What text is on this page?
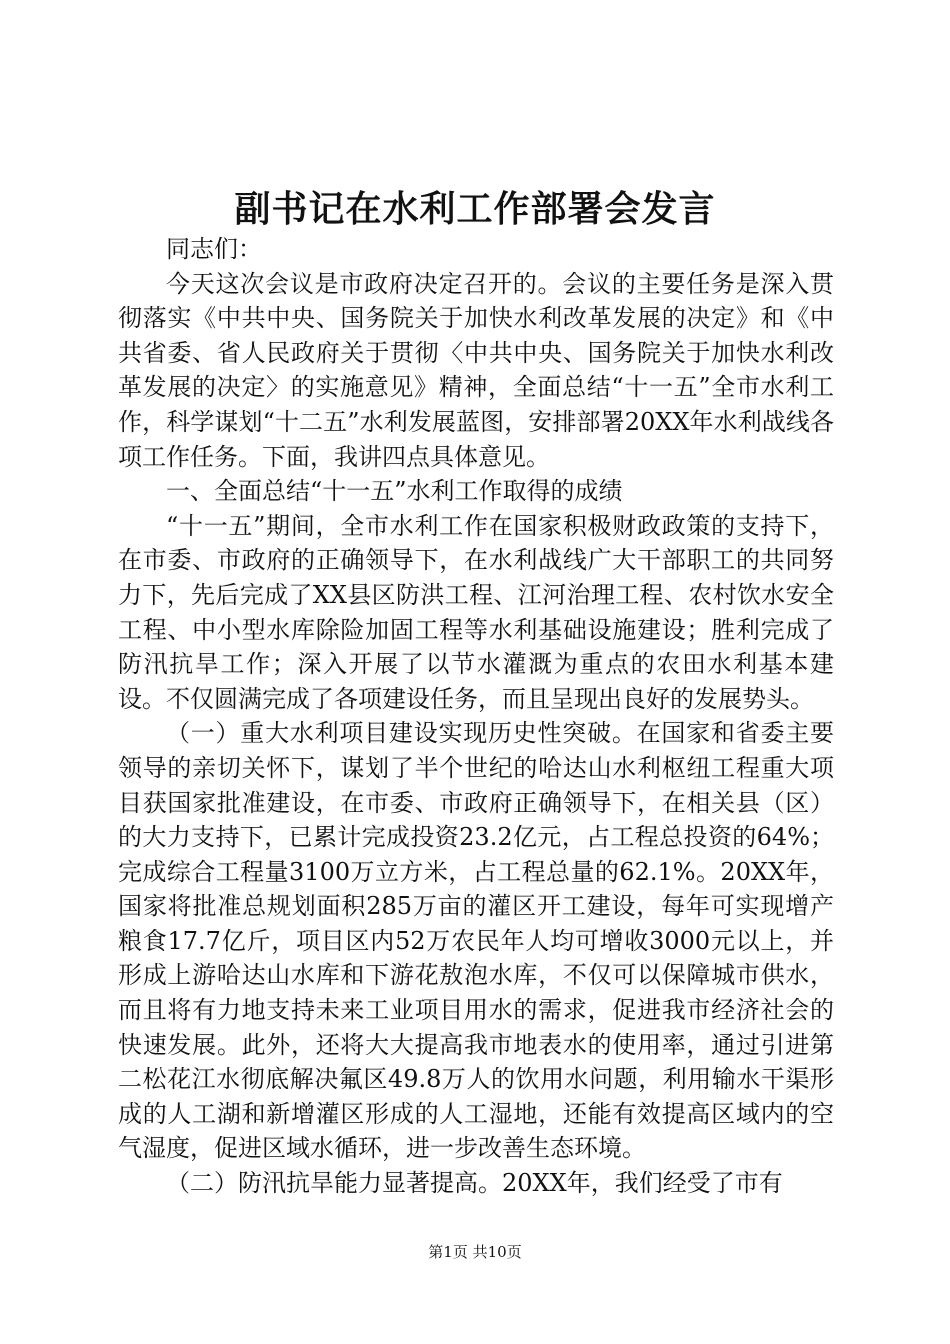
副书记在水利工作部署会发言

同志们：

今天这次会议是市政府决定召开的。会议的主要任务是深入贯彻落实《中共中央、国务院关于加快水利改革发展的决定》和《中共省委、省人民政府关于贯彻〈中共中央、国务院关于加快水利改革发展的决定〉的实施意见》精神，全面总结“十一五”全市水利工作，科学谋划“十二五”水利发展蓝图，安排部署20XX年水利战线各项工作任务。下面，我讲四点具体意见。

一、全面总结“十一五”水利工作取得的成绩

“十一五”期间，全市水利工作在国家积极财政政策的支持下，在市委、市政府的正确领导下，在水利战线广大干部职工的共同努力下，先后完成了XX县区防洪工程、江河治理工程、农村饮水安全工程、中小型水库除险加固工程等水利基础设施建设；胜利完成了防汛抗旱工作；深入开展了以节水灌溉为重点的农田水利基本建设。不仅圆满完成了各项建设任务，而且呈现出良好的发展势头。

（一）重大水利项目建设实现历史性突破。在国家和省委主要领导的亲切关怀下，谋划了半个世纪的哈达山水利枢纽工程重大项目获国家批准建设，在市委、市政府正确领导下，在相关县（区）的大力支持下，已累计完成投资23.2亿元，占工程总投资的64%；完成综合工程量3100万立方米，占工程总量的62.1%。20XX年，国家将批准总规划面积285万亩的灌区开工建设，每年可实现增产粮食17.7亿斤，项目区内52万农民年人均可增收3000元以上，并形成上游哈达山水库和下游花敖泡水库，不仅可以保障城市供水，而且将有力地支持未来工业项目用水的需求，促进我市经济社会的快速发展。此外，还将大大提高我市地表水的使用率，通过引进第二松花江水彻底解决氟区49.8万人的饮用水问题，利用输水干渠形成的人工湖和新增灌区形成的人工湿地，还能有效提高区域内的空气湿度，促进区域水循环，进一步改善生态环境。

（二）防汛抗旱能力显著提高。20XX年，我们经受了市有

第1页 共10页
